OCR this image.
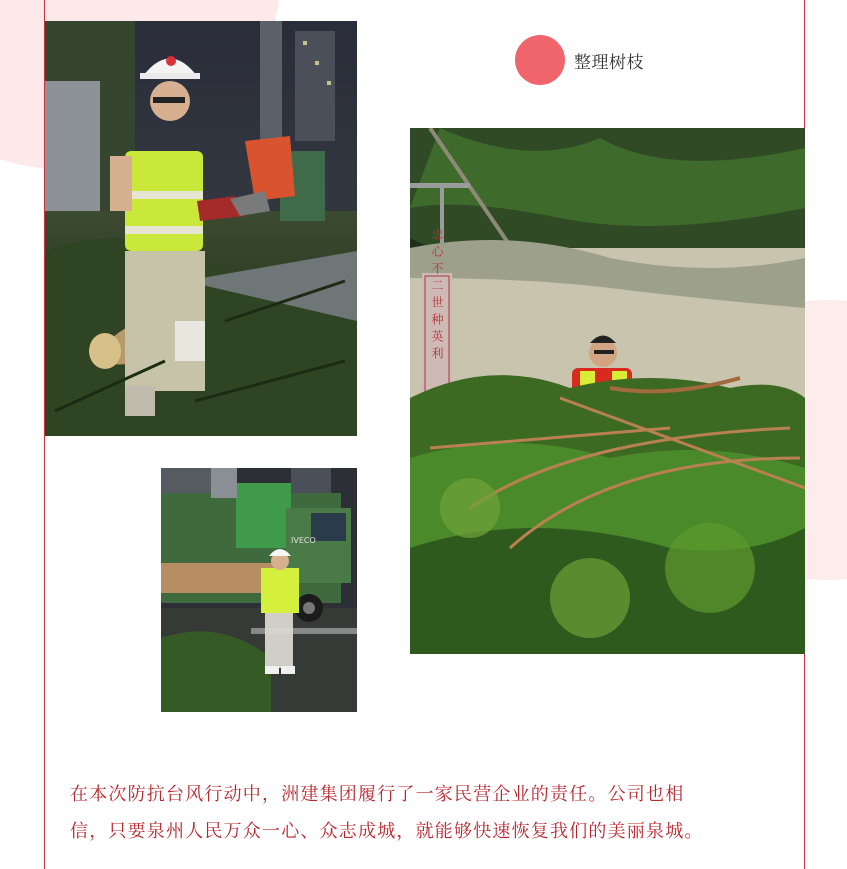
IVECO
忠心不二世种英利
整理树枝

在本次防抗台风行动中，洲建集团履行了一家民营企业的责任。公司也相

信，只要泉州人民万众一心、众志成城，就能够快速恢复我们的美丽泉城。
